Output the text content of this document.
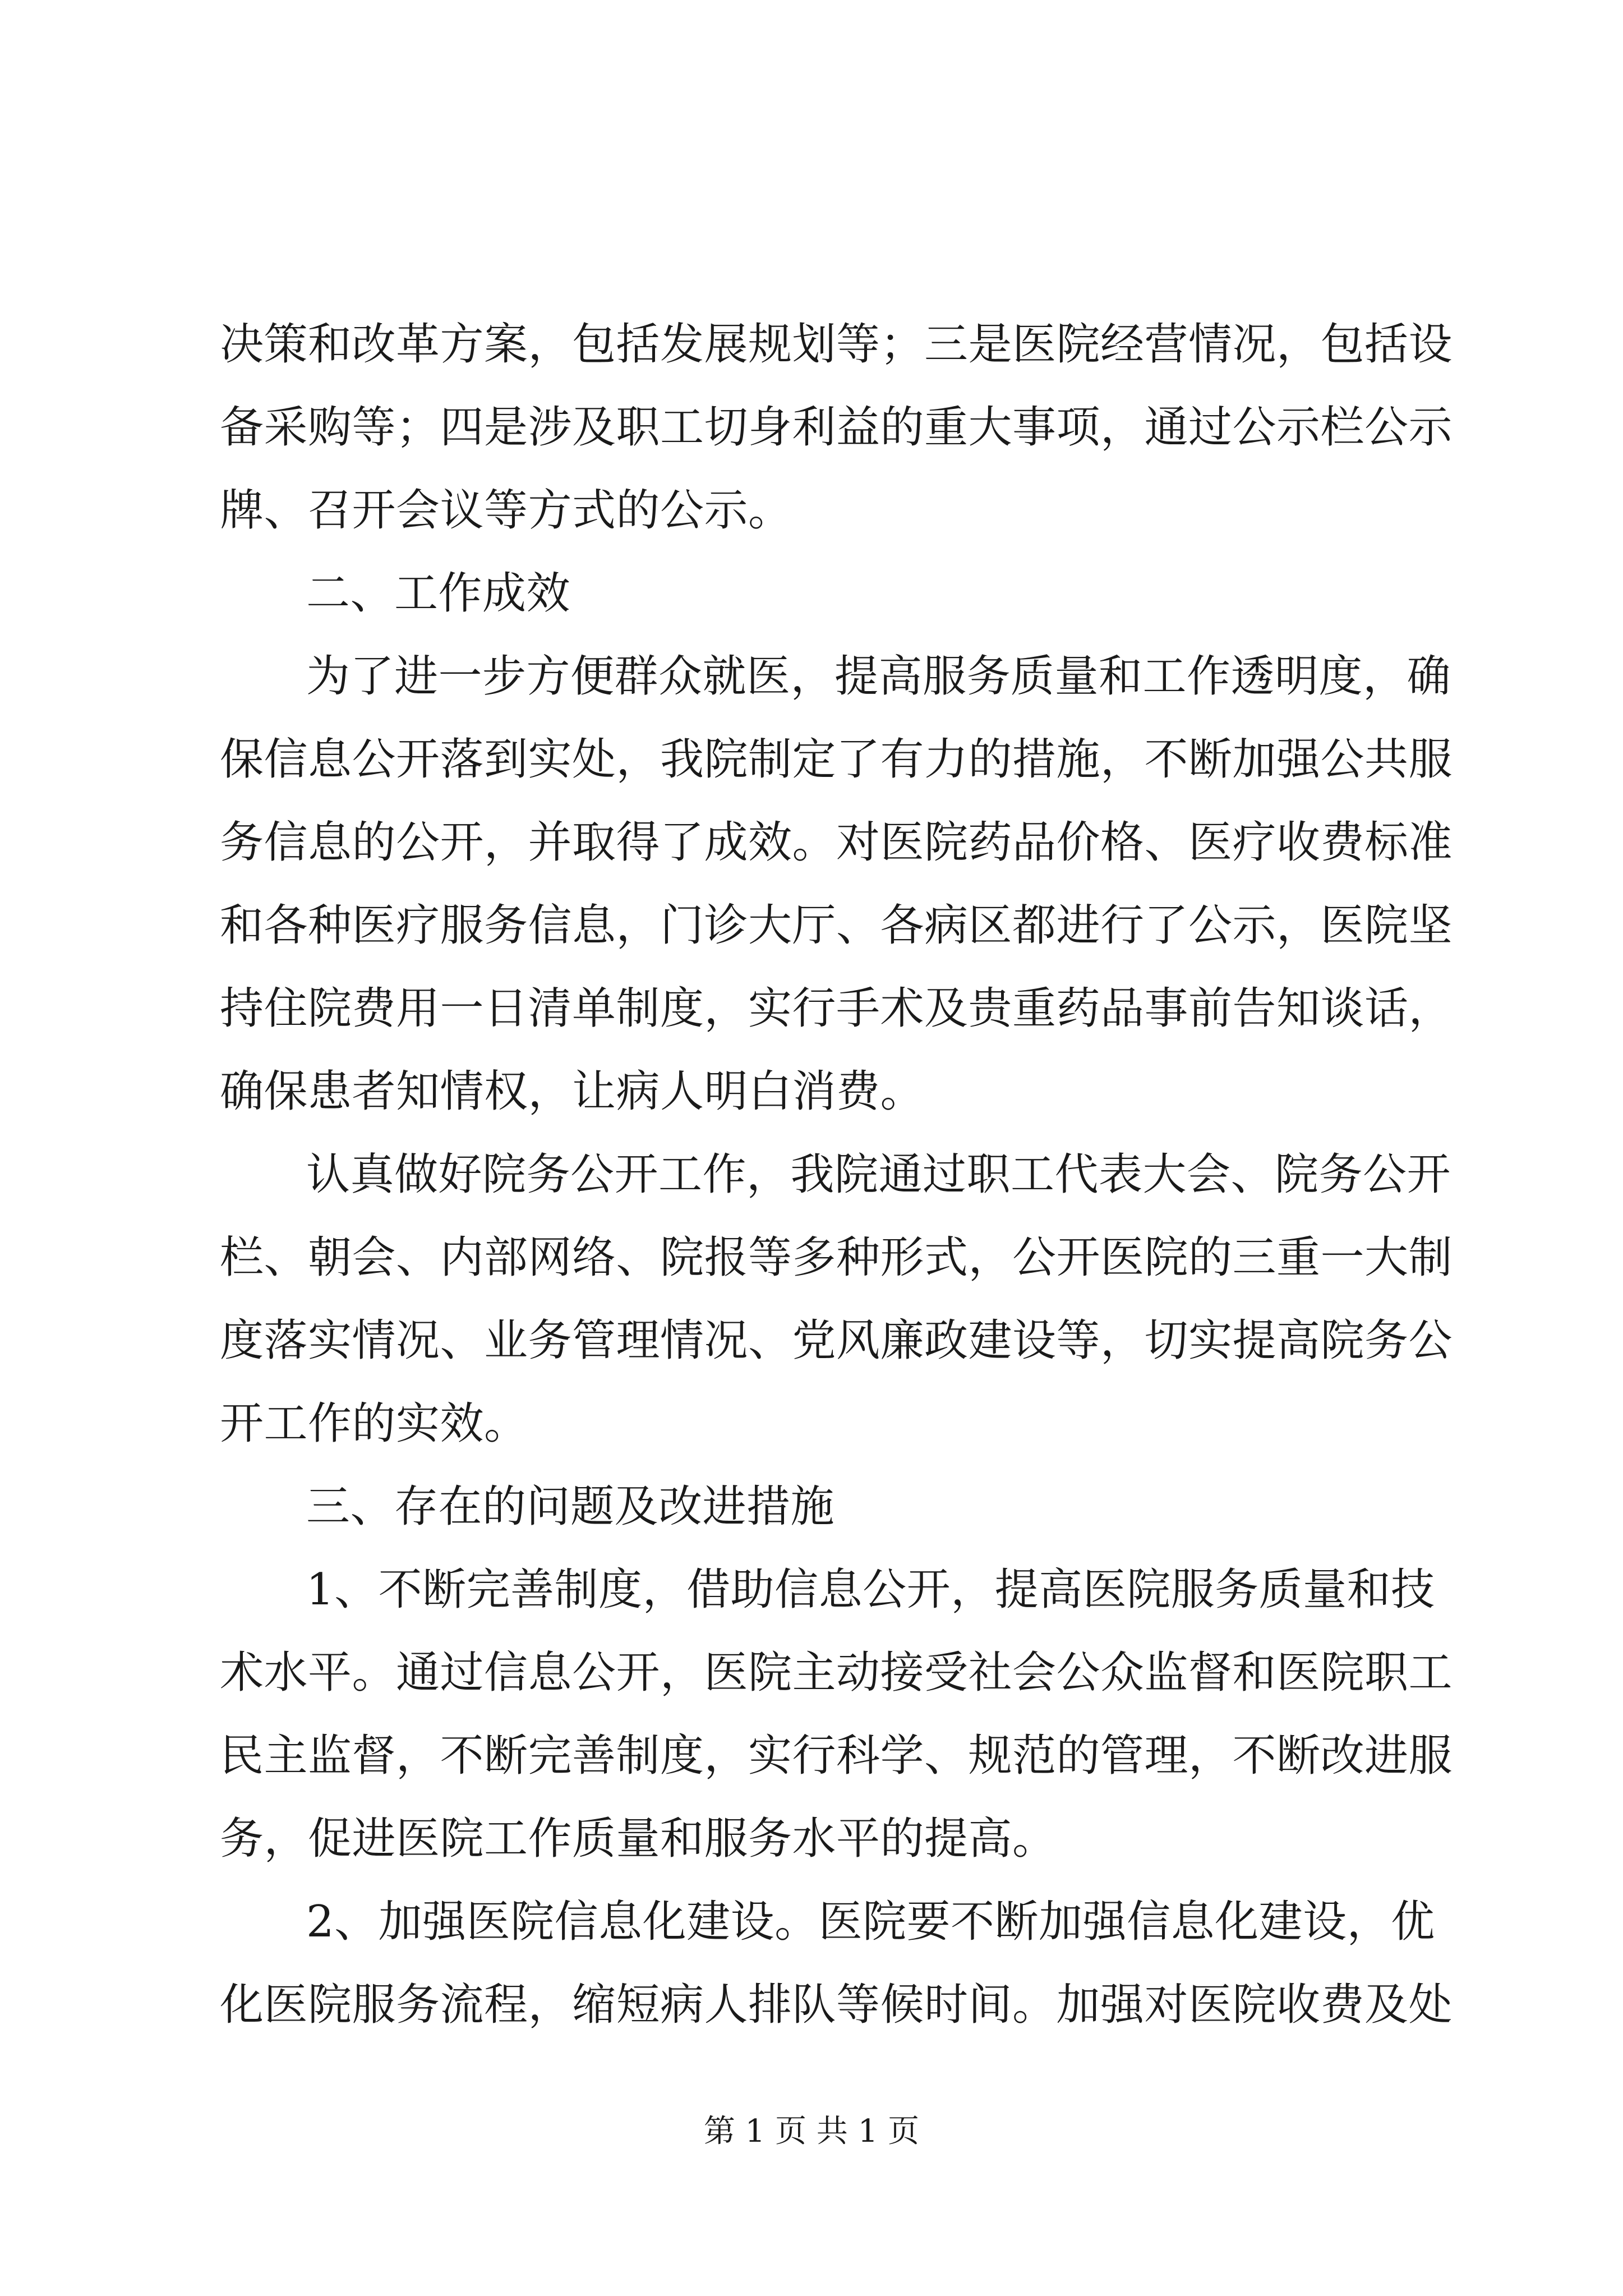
决策和改革方案，包括发展规划等；三是医院经营情况，包括设
备采购等；四是涉及职工切身利益的重大事项，通过公示栏公示
牌、召开会议等方式的公示。
二、工作成效
为了进一步方便群众就医，提高服务质量和工作透明度，确
保信息公开落到实处，我院制定了有力的措施，不断加强公共服
务信息的公开，并取得了成效。对医院药品价格、医疗收费标准
和各种医疗服务信息，门诊大厅、各病区都进行了公示，医院坚
持住院费用一日清单制度，实行手术及贵重药品事前告知谈话，
确保患者知情权，让病人明白消费。
认真做好院务公开工作，我院通过职工代表大会、院务公开
栏、朝会、内部网络、院报等多种形式，公开医院的三重一大制
度落实情况、业务管理情况、党风廉政建设等，切实提高院务公
开工作的实效。
三、存在的问题及改进措施
1、不断完善制度，借助信息公开，提高医院服务质量和技
术水平。通过信息公开，医院主动接受社会公众监督和医院职工
民主监督，不断完善制度，实行科学、规范的管理，不断改进服
务，促进医院工作质量和服务水平的提高。
2、加强医院信息化建设。医院要不断加强信息化建设，优
化医院服务流程，缩短病人排队等候时间。加强对医院收费及处
第 1 页 共 1 页
